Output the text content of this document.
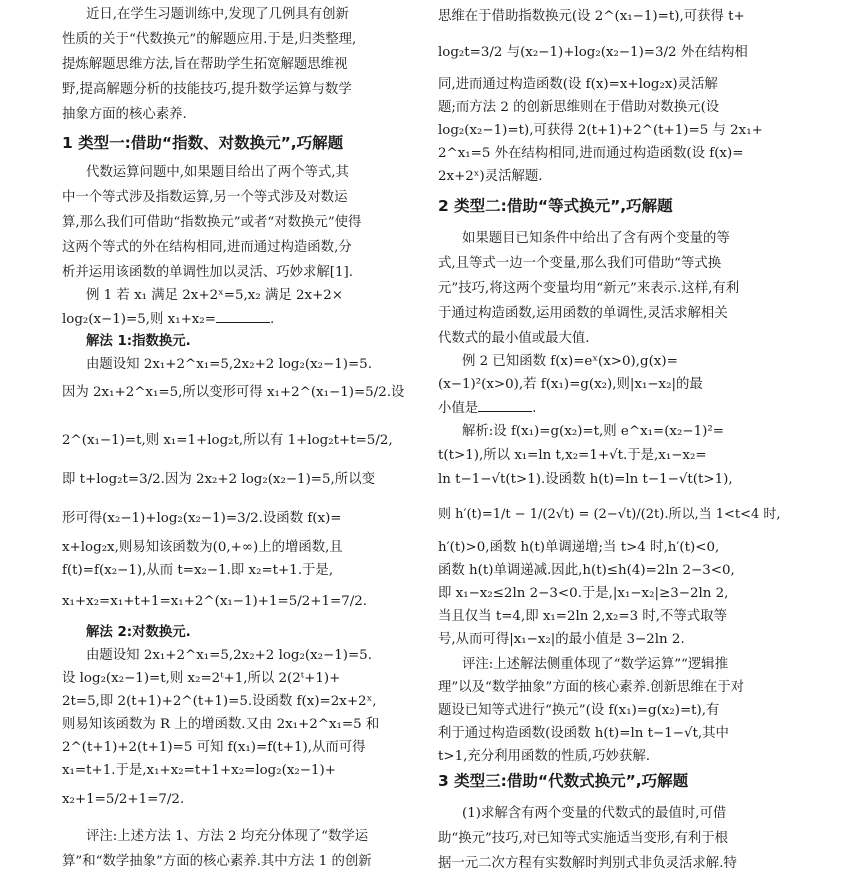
近日,在学生习题训练中,发现了几例具有创新
性质的关于“代数换元”的解题应用.于是,归类整理,
提炼解题思维方法,旨在帮助学生拓宽解题思维视
野,提高解题分析的技能技巧,提升数学运算与数学
抽象方面的核心素养.
1 类型一:借助“指数、对数换元”,巧解题
代数运算问题中,如果题目给出了两个等式,其
中一个等式涉及指数运算,另一个等式涉及对数运
算,那么我们可借助“指数换元”或者“对数换元”使得
这两个等式的外在结构相同,进而通过构造函数,分
析并运用该函数的单调性加以灵活、巧妙求解[1].
例 1 若 x₁ 满足 2x+2ˣ=5,x₂ 满足 2x+2×
log₂(x−1)=5,则 x₁+x₂=	.
解法 1:指数换元.
由题设知 2x₁+2^x₁=5,2x₂+2 log₂(x₂−1)=5.
因为 2x₁+2^x₁=5,所以变形可得 x₁+2^(x₁−1)=5/2.设
2^(x₁−1)=t,则 x₁=1+log₂t,所以有 1+log₂t+t=5/2,
即 t+log₂t=3/2.因为 2x₂+2 log₂(x₂−1)=5,所以变
形可得(x₂−1)+log₂(x₂−1)=3/2.设函数 f(x)=
x+log₂x,则易知该函数为(0,+∞)上的增函数,且
f(t)=f(x₂−1),从而 t=x₂−1.即 x₂=t+1.于是,
x₁+x₂=x₁+t+1=x₁+2^(x₁−1)+1=5/2+1=7/2.
解法 2:对数换元.
由题设知 2x₁+2^x₁=5,2x₂+2 log₂(x₂−1)=5.
设 log₂(x₂−1)=t,则 x₂=2ᵗ+1,所以 2(2ᵗ+1)+
2t=5,即 2(t+1)+2^(t+1)=5.设函数 f(x)=2x+2ˣ,
则易知该函数为 R 上的增函数.又由 2x₁+2^x₁=5 和
2^(t+1)+2(t+1)=5 可知 f(x₁)=f(t+1),从而可得
x₁=t+1.于是,x₁+x₂=t+1+x₂=log₂(x₂−1)+
x₂+1=5/2+1=7/2.
评注:上述方法 1、方法 2 均充分体现了“数学运
算”和“数学抽象”方面的核心素养.其中方法 1 的创新
思维在于借助指数换元(设 2^(x₁−1)=t),可获得 t+
log₂t=3/2 与(x₂−1)+log₂(x₂−1)=3/2 外在结构相
同,进而通过构造函数(设 f(x)=x+log₂x)灵活解
题;而方法 2 的创新思维则在于借助对数换元(设
log₂(x₂−1)=t),可获得 2(t+1)+2^(t+1)=5 与 2x₁+
2^x₁=5 外在结构相同,进而通过构造函数(设 f(x)=
2x+2ˣ)灵活解题.
2 类型二:借助“等式换元”,巧解题
如果题目已知条件中给出了含有两个变量的等
式,且等式一边一个变量,那么我们可借助“等式换
元”技巧,将这两个变量均用“新元”来表示.这样,有利
于通过构造函数,运用函数的单调性,灵活求解相关
代数式的最小值或最大值.
例 2 已知函数 f(x)=eˣ(x>0),g(x)=
(x−1)²(x>0),若 f(x₁)=g(x₂),则|x₁−x₂|的最
小值是	.
解析:设 f(x₁)=g(x₂)=t,则 e^x₁=(x₂−1)²=
t(t>1),所以 x₁=ln t,x₂=1+√t.于是,x₁−x₂=
ln t−1−√t(t>1).设函数 h(t)=ln t−1−√t(t>1),
则 h′(t)=1/t − 1/(2√t) = (2−√t)/(2t).所以,当 1<t<4 时,
h′(t)>0,函数 h(t)单调递增;当 t>4 时,h′(t)<0,
函数 h(t)单调递减.因此,h(t)≤h(4)=2ln 2−3<0,
即 x₁−x₂≤2ln 2−3<0.于是,|x₁−x₂|≥3−2ln 2,
当且仅当 t=4,即 x₁=2ln 2,x₂=3 时,不等式取等
号,从而可得|x₁−x₂|的最小值是 3−2ln 2.
评注:上述解法侧重体现了“数学运算”“逻辑推
理”以及“数学抽象”方面的核心素养.创新思维在于对
题设已知等式进行“换元”(设 f(x₁)=g(x₂)=t),有
利于通过构造函数(设函数 h(t)=ln t−1−√t,其中
t>1,充分利用函数的性质,巧妙获解.
3 类型三:借助“代数式换元”,巧解题
(1)求解含有两个变量的代数式的最值时,可借
助“换元”技巧,对已知等式实施适当变形,有利于根
据一元二次方程有实数解时判别式非负灵活求解.特
